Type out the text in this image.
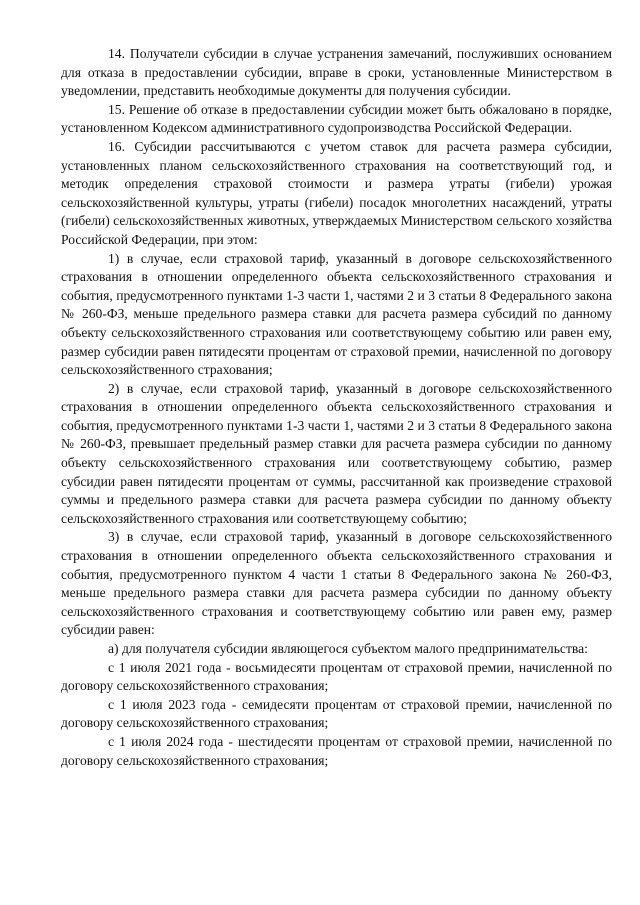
14. Получатели субсидии в случае устранения замечаний, послуживших основанием для отказа в предоставлении субсидии, вправе в сроки, установленные Министерством в уведомлении, представить необходимые документы для получения субсидии.

15. Решение об отказе в предоставлении субсидии может быть обжаловано в порядке, установленном Кодексом административного судопроизводства Российской Федерации.

16. Субсидии рассчитываются с учетом ставок для расчета размера субсидии, установленных планом сельскохозяйственного страхования на соответствующий год, и методик определения страховой стоимости и размера утраты (гибели) урожая сельскохозяйственной культуры, утраты (гибели) посадок многолетних насаждений, утраты (гибели) сельскохозяйственных животных, утверждаемых Министерством сельского хозяйства Российской Федерации, при этом:

1) в случае, если страховой тариф, указанный в договоре сельскохозяйственного страхования в отношении определенного объекта сельскохозяйственного страхования и события, предусмотренного пунктами 1-3 части 1, частями 2 и 3 статьи 8 Федерального закона № 260-ФЗ, меньше предельного размера ставки для расчета размера субсидий по данному объекту сельскохозяйственного страхования или соответствующему событию или равен ему, размер субсидии равен пятидесяти процентам от страховой премии, начисленной по договору сельскохозяйственного страхования;

2) в случае, если страховой тариф, указанный в договоре сельскохозяйственного страхования в отношении определенного объекта сельскохозяйственного страхования и события, предусмотренного пунктами 1-3 части 1, частями 2 и 3 статьи 8 Федерального закона № 260-ФЗ, превышает предельный размер ставки для расчета размера субсидии по данному объекту сельскохозяйственного страхования или соответствующему событию, размер субсидии равен пятидесяти процентам от суммы, рассчитанной как произведение страховой суммы и предельного размера ставки для расчета размера субсидии по данному объекту сельскохозяйственного страхования или соответствующему событию;

3) в случае, если страховой тариф, указанный в договоре сельскохозяйственного страхования в отношении определенного объекта сельскохозяйственного страхования и события, предусмотренного пунктом 4 части 1 статьи 8 Федерального закона № 260-ФЗ, меньше предельного размера ставки для расчета размера субсидии по данному объекту сельскохозяйственного страхования и соответствующему событию или равен ему, размер субсидии равен:

а) для получателя субсидии являющегося субъектом малого предпринимательства:

с 1 июля 2021 года - восьмидесяти процентам от страховой премии, начисленной по договору сельскохозяйственного страхования;

с 1 июля 2023 года - семидесяти процентам от страховой премии, начисленной по договору сельскохозяйственного страхования;

с 1 июля 2024 года - шестидесяти процентам от страховой премии, начисленной по договору сельскохозяйственного страхования;
